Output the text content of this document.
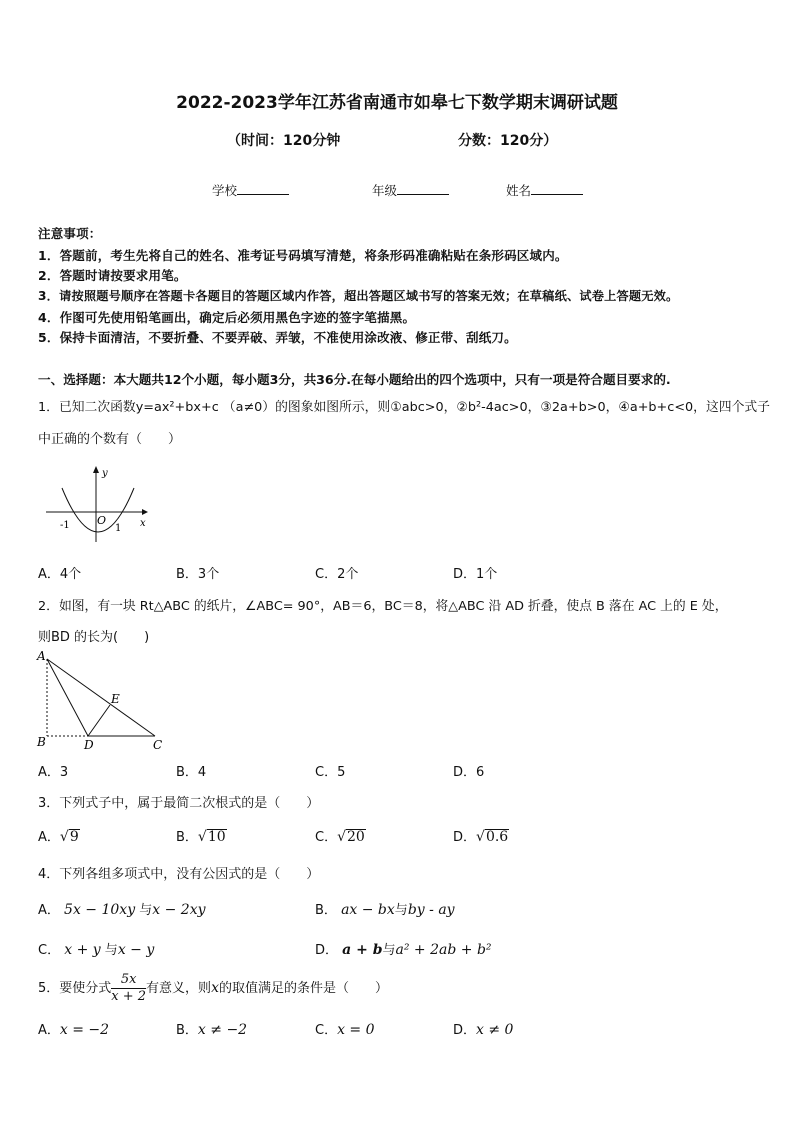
2022-2023学年江苏省南通市如皋七下数学期末调研试题
（时间：120分钟	分数：120分）
学校	年级	姓名
注意事项：
1．答题前，考生先将自己的姓名、准考证号码填写清楚，将条形码准确粘贴在条形码区域内。
2．答题时请按要求用笔。
3．请按照题号顺序在答题卡各题目的答题区域内作答，超出答题区域书写的答案无效；在草稿纸、试卷上答题无效。
4．作图可先使用铅笔画出，确定后必须用黑色字迹的签字笔描黑。
5．保持卡面清洁，不要折叠、不要弄破、弄皱，不准使用涂改液、修正带、刮纸刀。
一、选择题：本大题共12个小题，每小题3分，共36分.在每小题给出的四个选项中，只有一项是符合题目要求的.
1．已知二次函数y=ax²+bx+c （a≠0）的图象如图所示，则①abc>0，②b²-4ac>0，③2a+b>0，④a+b+c<0，这四个式子
中正确的个数有（　　）
y
x
O
-1	1
A．4个	B．3个	C．2个	D．1个
2．如图，有一块 Rt△ABC 的纸片，∠ABC= 90°，AB＝6，BC＝8，将△ABC 沿 AD 折叠，使点 B 落在 AC 上的 E 处，
则BD 的长为(　　)
A
B	D	C
E
A．3	B．4	C．5	D．6
3．下列式子中，属于最简二次根式的是（　　）
A．√9	B．√10	C．√20	D．√0.6
4．下列各组多项式中，没有公因式的是（　　）
A． 5x − 10xy 与x − 2xy	B． ax − bx与by - ay
C． x + y 与x − y	D． a + b与a² + 2ab + b²
5．要使分式 $\frac{5x}{x + 2}$ 有意义，则x的取值满足的条件是（　　）
A．x = −2	B．x ≠ −2	C．x = 0	D．x ≠ 0
